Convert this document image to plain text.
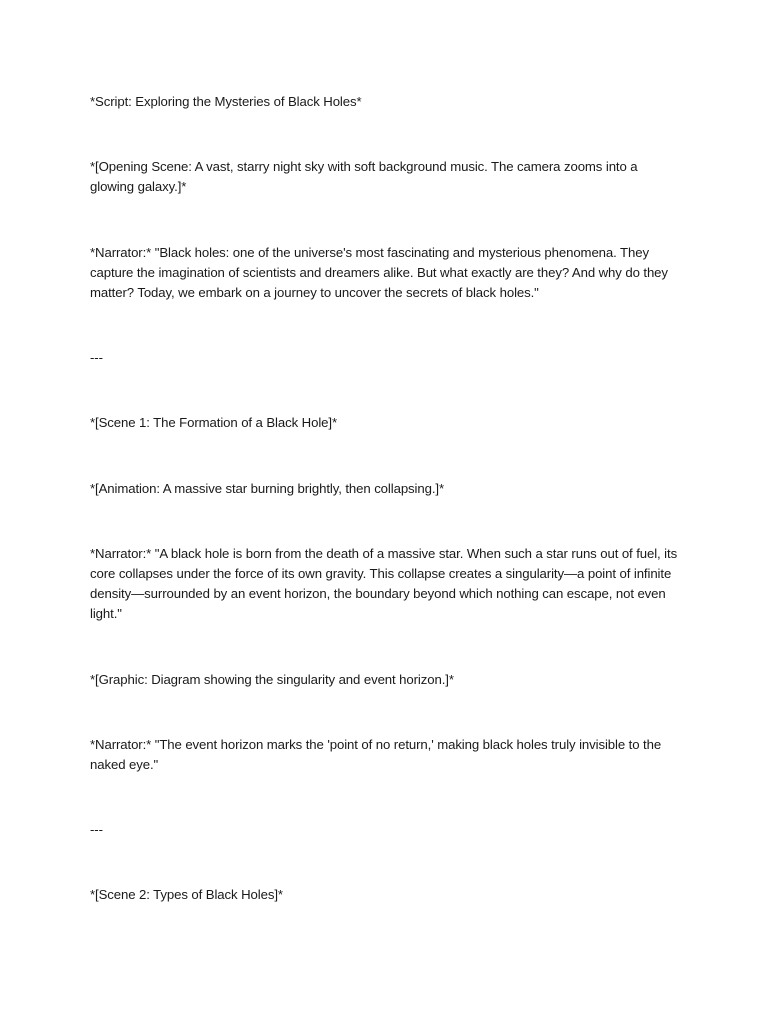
*Script: Exploring the Mysteries of Black Holes*

*[Opening Scene: A vast, starry night sky with soft background music. The camera zooms into a glowing galaxy.]*

*Narrator:* "Black holes: one of the universe's most fascinating and mysterious phenomena. They capture the imagination of scientists and dreamers alike. But what exactly are they? And why do they matter? Today, we embark on a journey to uncover the secrets of black holes."

---

*[Scene 1: The Formation of a Black Hole]*

*[Animation: A massive star burning brightly, then collapsing.]*

*Narrator:* "A black hole is born from the death of a massive star. When such a star runs out of fuel, its core collapses under the force of its own gravity. This collapse creates a singularity—a point of infinite density—surrounded by an event horizon, the boundary beyond which nothing can escape, not even light."

*[Graphic: Diagram showing the singularity and event horizon.]*

*Narrator:* "The event horizon marks the 'point of no return,' making black holes truly invisible to the naked eye."

---

*[Scene 2: Types of Black Holes]*
